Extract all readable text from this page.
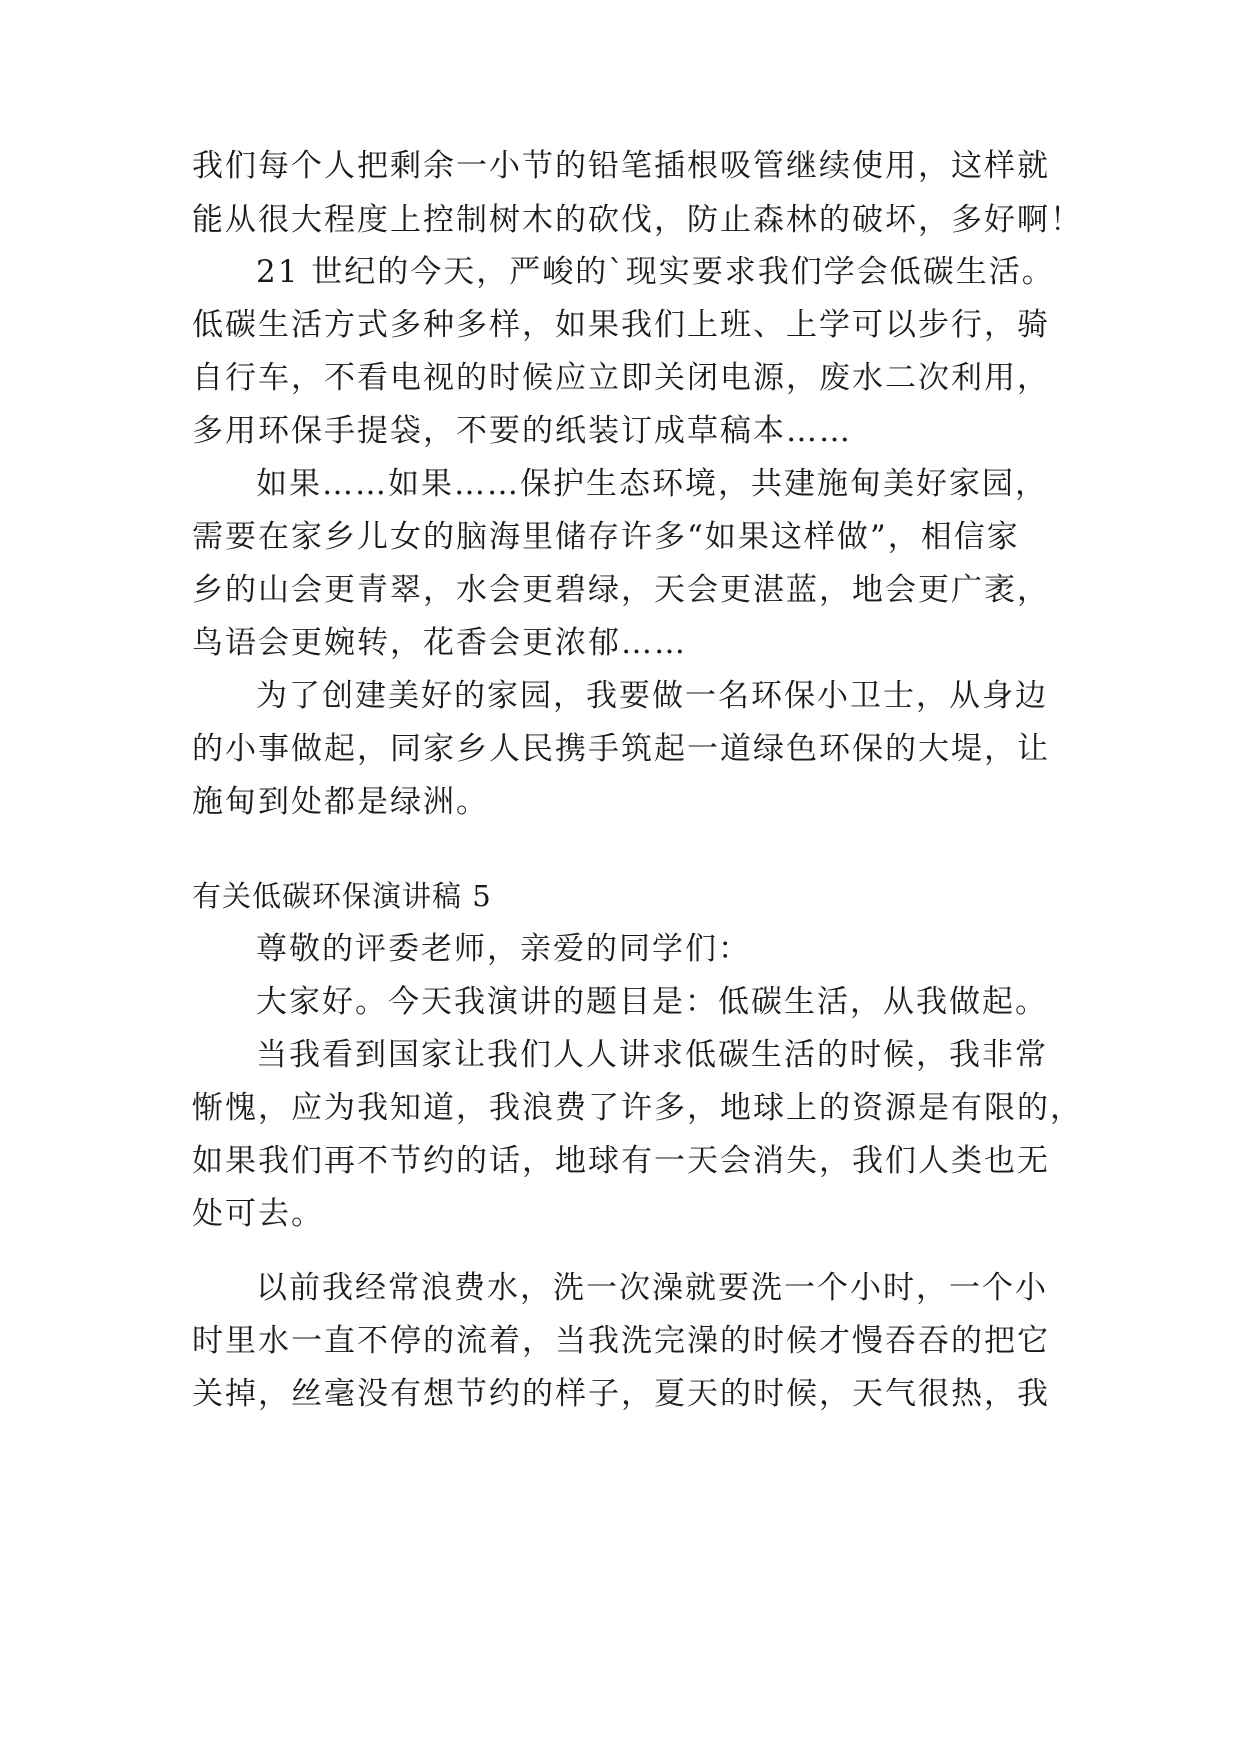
我们每个人把剩余一小节的铅笔插根吸管继续使用，这样就
能从很大程度上控制树木的砍伐，防止森林的破坏，多好啊！
21 世纪的今天，严峻的`现实要求我们学会低碳生活。
低碳生活方式多种多样，如果我们上班、上学可以步行，骑
自行车，不看电视的时候应立即关闭电源，废水二次利用，
多用环保手提袋，不要的纸装订成草稿本……
如果……如果……保护生态环境，共建施甸美好家园，
需要在家乡儿女的脑海里储存许多“如果这样做”，相信家
乡的山会更青翠，水会更碧绿，天会更湛蓝，地会更广袤，
鸟语会更婉转，花香会更浓郁……
为了创建美好的家园，我要做一名环保小卫士，从身边
的小事做起，同家乡人民携手筑起一道绿色环保的大堤，让
施甸到处都是绿洲。
有关低碳环保演讲稿 5
尊敬的评委老师，亲爱的同学们：
大家好。今天我演讲的题目是：低碳生活，从我做起。
当我看到国家让我们人人讲求低碳生活的时候，我非常
惭愧，应为我知道，我浪费了许多，地球上的资源是有限的，
如果我们再不节约的话，地球有一天会消失，我们人类也无
处可去。
以前我经常浪费水，洗一次澡就要洗一个小时，一个小
时里水一直不停的流着，当我洗完澡的时候才慢吞吞的把它
关掉，丝毫没有想节约的样子，夏天的时候，天气很热，我
